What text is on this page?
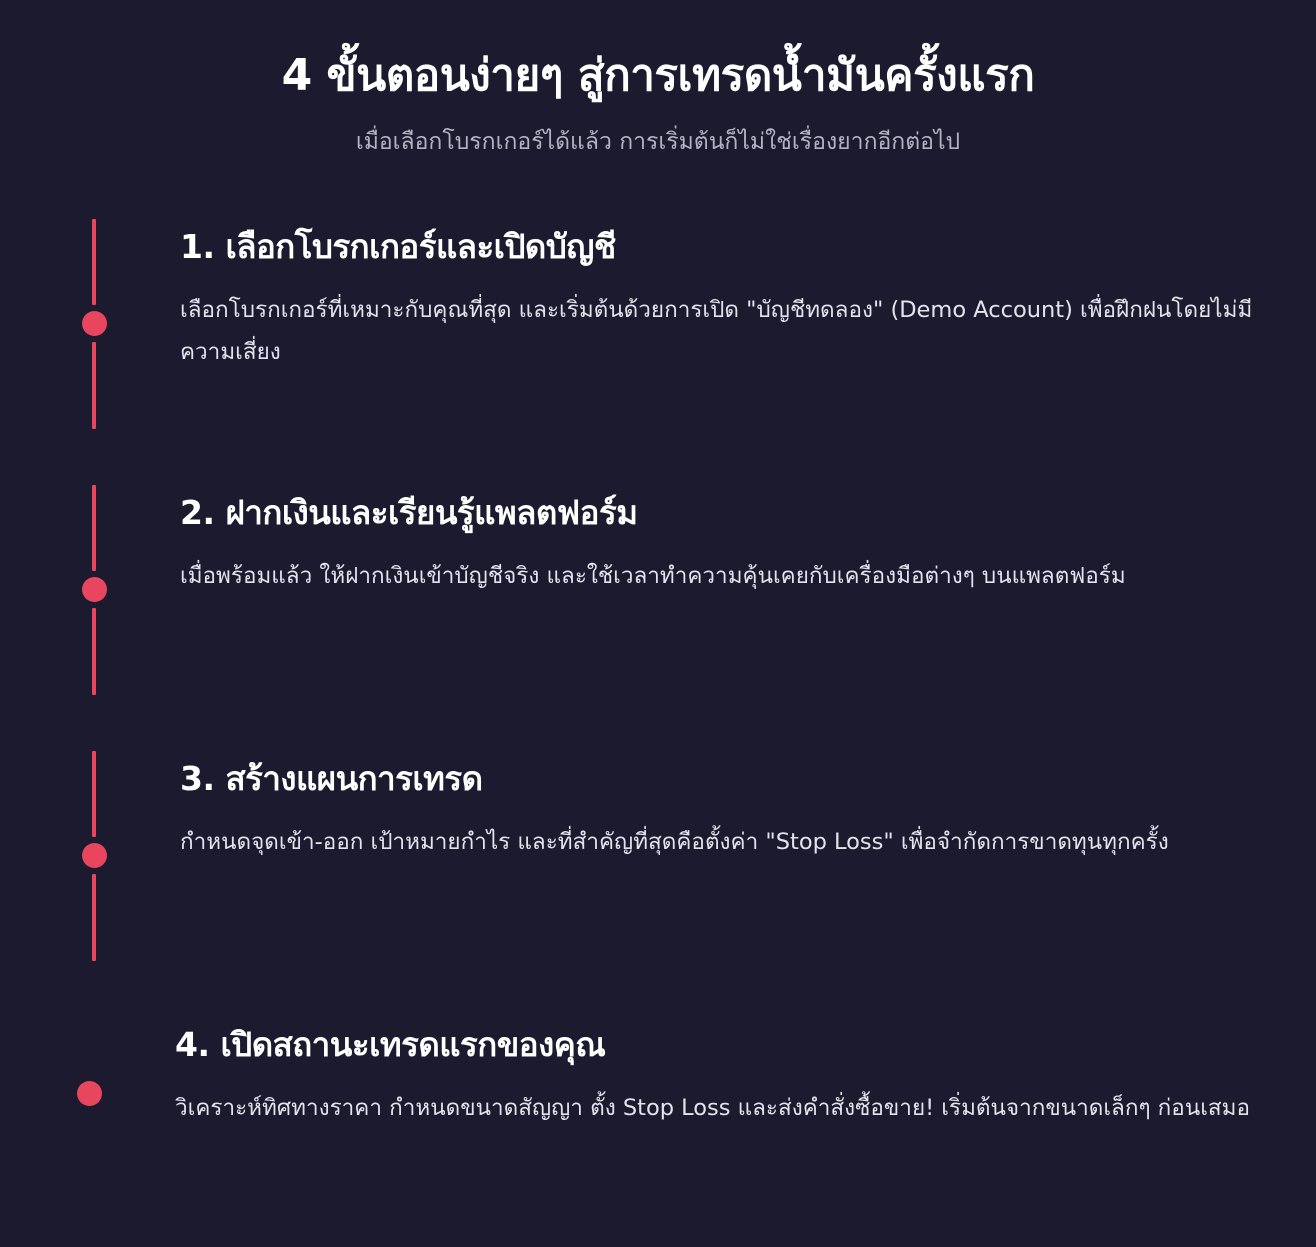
4 ขั้นตอนง่ายๆ สู่การเทรดน้ำมันครั้งแรก

เมื่อเลือกโบรกเกอร์ได้แล้ว การเริ่มต้นก็ไม่ใช่เรื่องยากอีกต่อไป

1. เลือกโบรกเกอร์และเปิดบัญชี
เลือกโบรกเกอร์ที่เหมาะกับคุณที่สุด และเริ่มต้นด้วยการเปิด "บัญชีทดลอง" (Demo Account) เพื่อฝึกฝนโดยไม่มีความเสี่ยง
2. ฝากเงินและเรียนรู้แพลตฟอร์ม
เมื่อพร้อมแล้ว ให้ฝากเงินเข้าบัญชีจริง และใช้เวลาทำความคุ้นเคยกับเครื่องมือต่างๆ บนแพลตฟอร์ม
3. สร้างแผนการเทรด
กำหนดจุดเข้า-ออก เป้าหมายกำไร และที่สำคัญที่สุดคือตั้งค่า "Stop Loss" เพื่อจำกัดการขาดทุนทุกครั้ง
4. เปิดสถานะเทรดแรกของคุณ
วิเคราะห์ทิศทางราคา กำหนดขนาดสัญญา ตั้ง Stop Loss และส่งคำสั่งซื้อขาย! เริ่มต้นจากขนาดเล็กๆ ก่อนเสมอ
